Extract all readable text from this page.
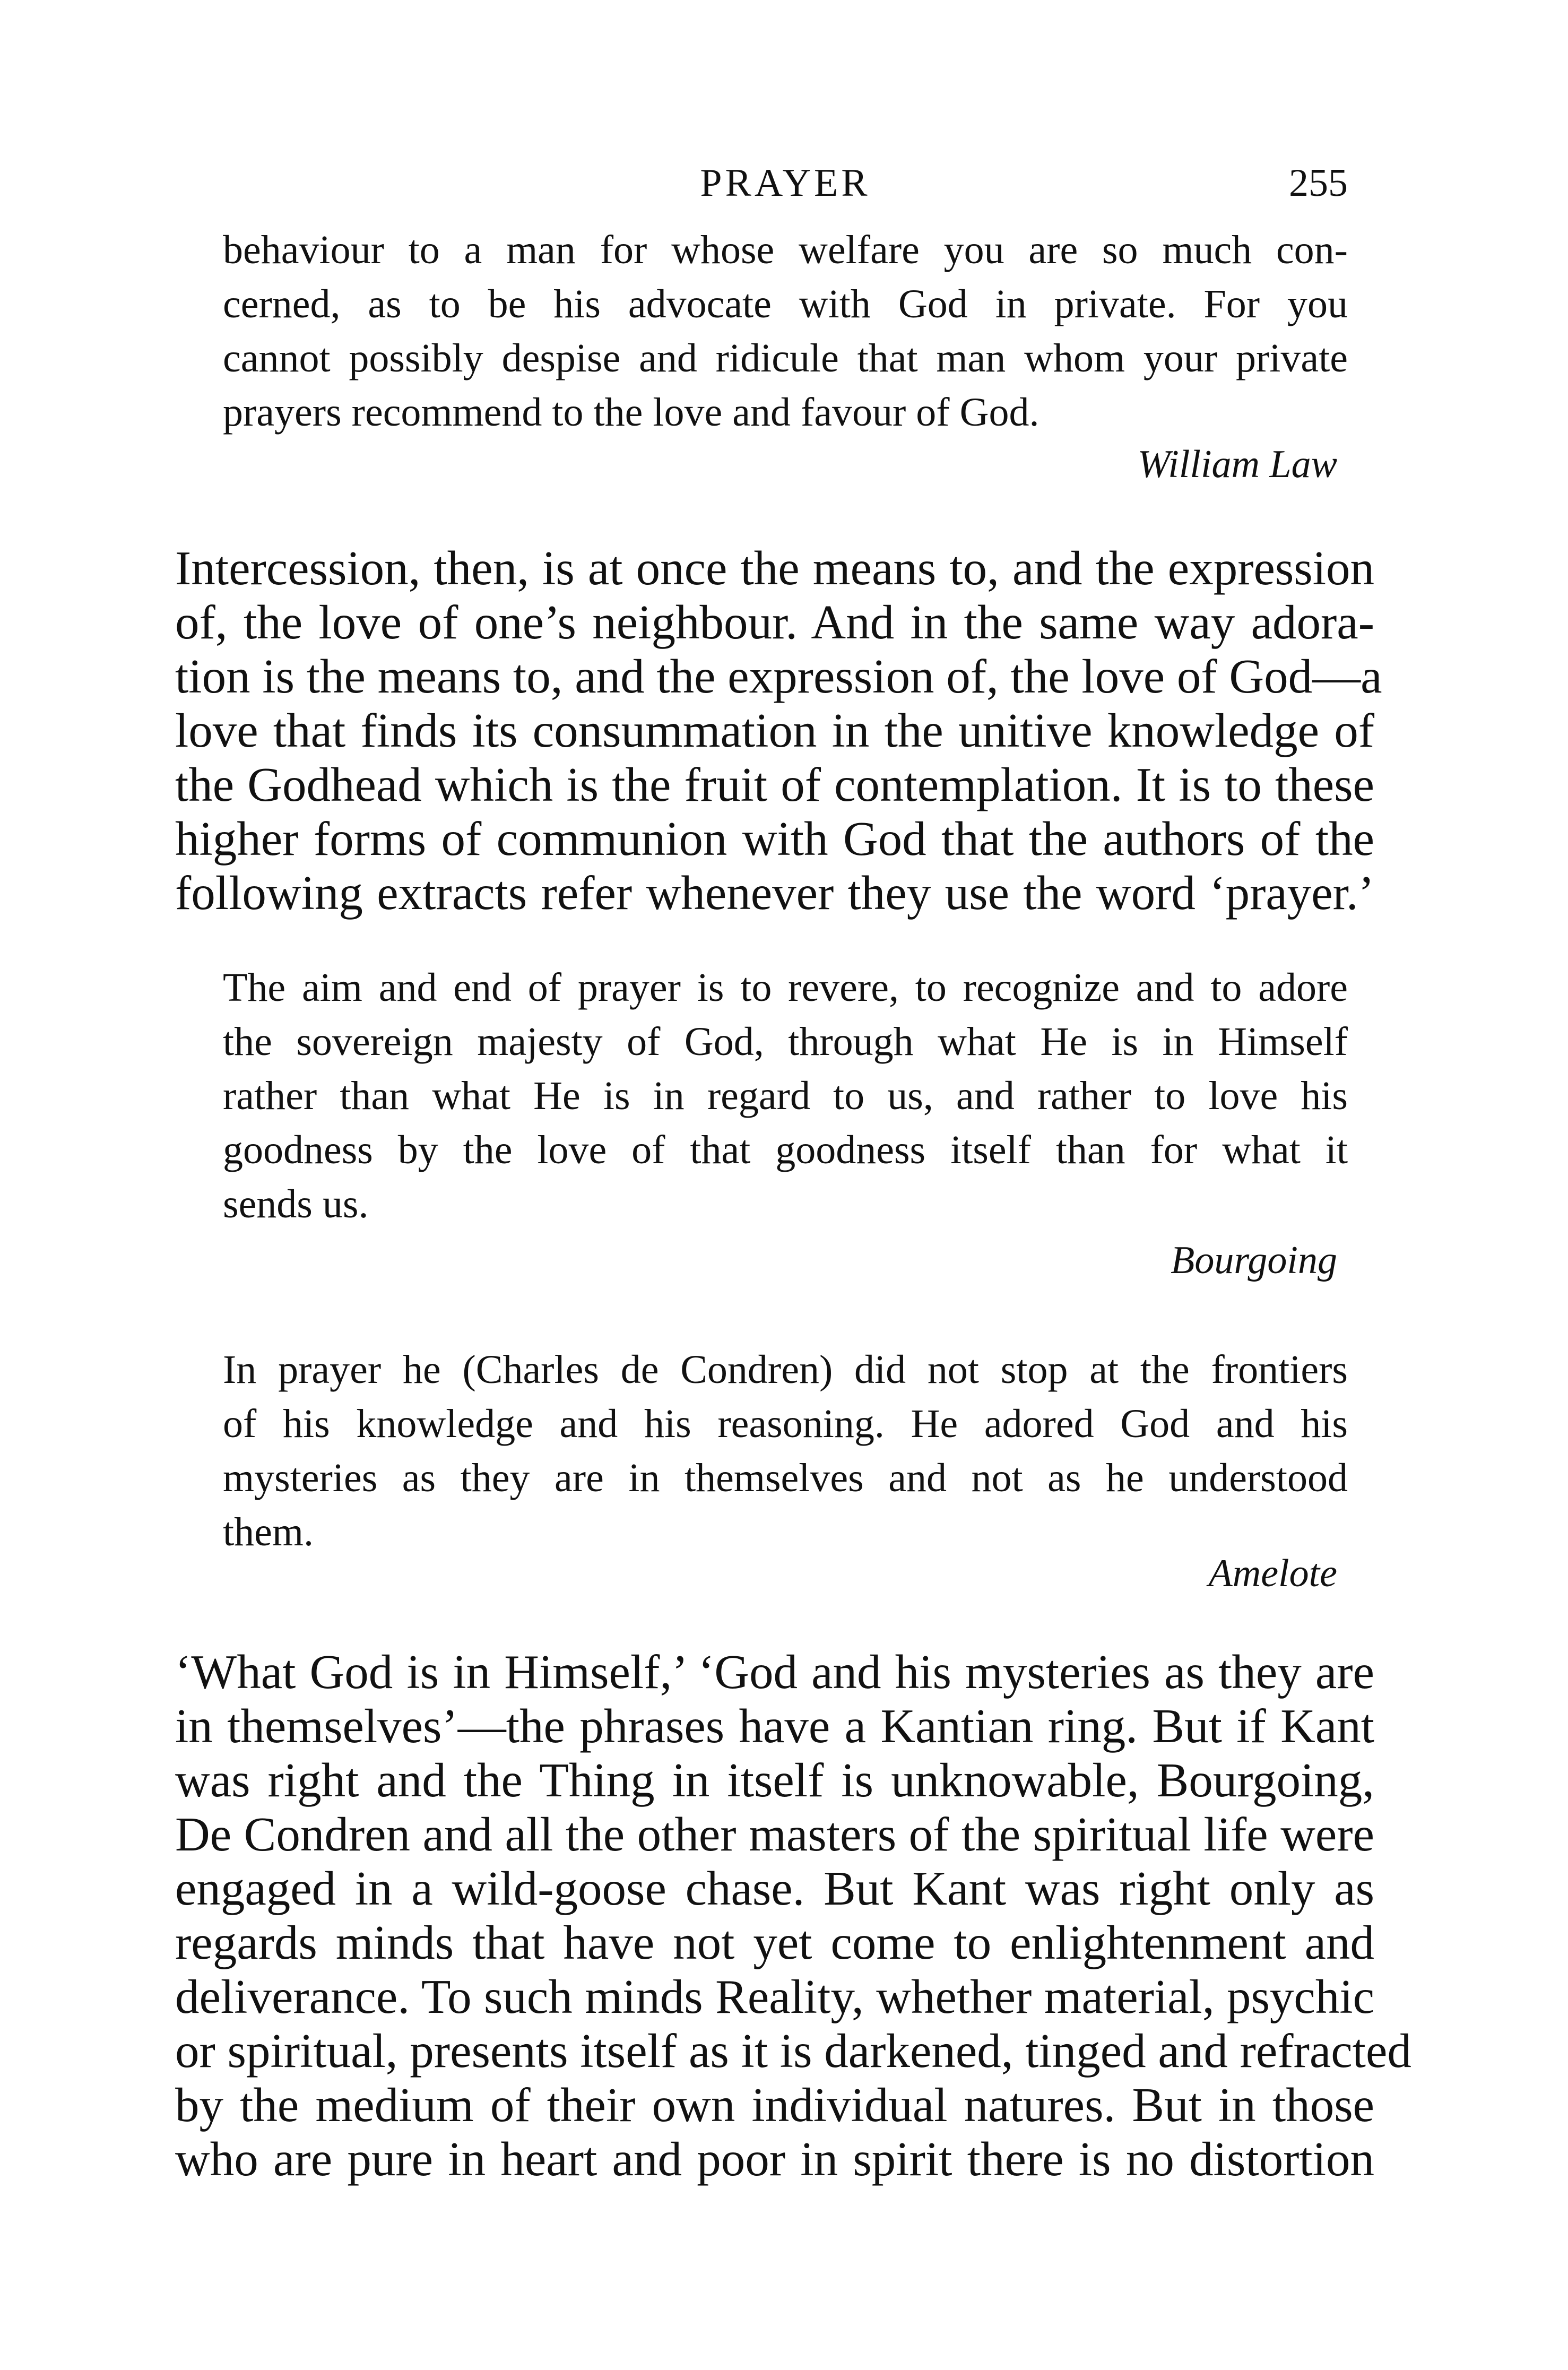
PRAYER	255
behaviour to a man for whose welfare you are so much con-
cerned, as to be his advocate with God in private. For you
cannot possibly despise and ridicule that man whom your private
prayers recommend to the love and favour of God.
William Law
Intercession, then, is at once the means to, and the expression
of, the love of one’s neighbour. And in the same way adora-
tion is the means to, and the expression of, the love of God—a
love that finds its consummation in the unitive knowledge of
the Godhead which is the fruit of contemplation. It is to these
higher forms of communion with God that the authors of the
following extracts refer whenever they use the word ‘prayer.’
The aim and end of prayer is to revere, to recognize and to adore
the sovereign majesty of God, through what He is in Himself
rather than what He is in regard to us, and rather to love his
goodness by the love of that goodness itself than for what it
sends us.
Bourgoing
In prayer he (Charles de Condren) did not stop at the frontiers
of his knowledge and his reasoning. He adored God and his
mysteries as they are in themselves and not as he understood
them.
Amelote
‘What God is in Himself,’ ‘God and his mysteries as they are
in themselves’—the phrases have a Kantian ring. But if Kant
was right and the Thing in itself is unknowable, Bourgoing,
De Condren and all the other masters of the spiritual life were
engaged in a wild-goose chase. But Kant was right only as
regards minds that have not yet come to enlightenment and
deliverance. To such minds Reality, whether material, psychic
or spiritual, presents itself as it is darkened, tinged and refracted
by the medium of their own individual natures. But in those
who are pure in heart and poor in spirit there is no distortion
